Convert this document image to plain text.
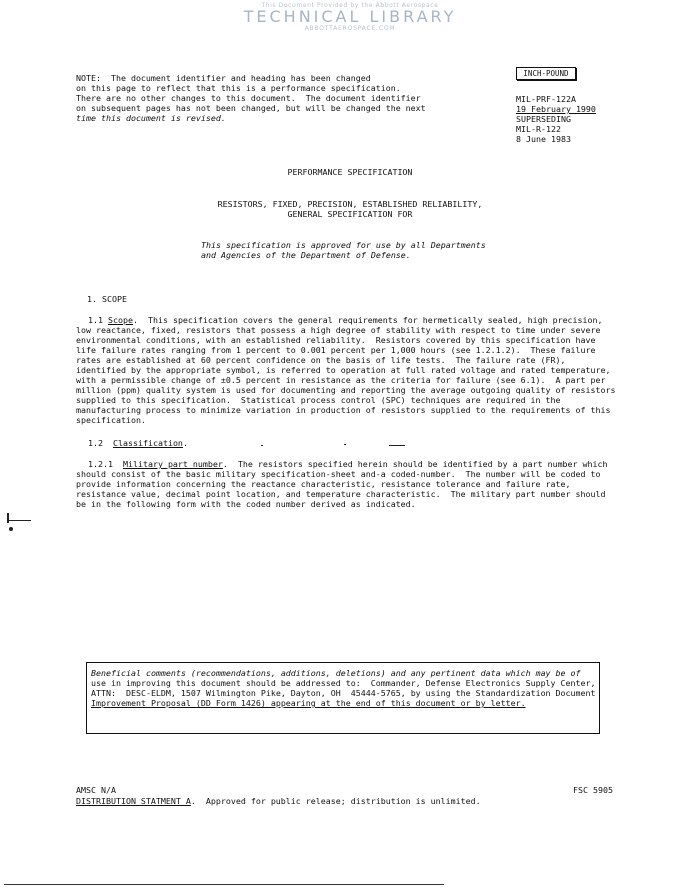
This Document Provided by the Abbott Aerospace
TECHNICAL LIBRARY
ABBOTTAEROSPACE.COM
NOTE:  The document identifier and heading has been changed
on this page to reflect that this is a performance specification.
There are no other changes to this document.  The document identifier
on subsequent pages has not been changed, but will be changed the next
time this document is revised.
INCH-POUND
MIL-PRF-122A
19 February 1990
SUPERSEDING
MIL-R-122
8 June 1983
PERFORMANCE SPECIFICATION
RESISTORS, FIXED, PRECISION, ESTABLISHED RELIABILITY,
GENERAL SPECIFICATION FOR
This specification is approved for use by all Departments
and Agencies of the Department of Defense.
1. SCOPE
1.1 Scope.  This specification covers the general requirements for hermetically sealed, high precision,
low reactance, fixed, resistors that possess a high degree of stability with respect to time under severe
environmental conditions, with an established reliability.  Resistors covered by this specification have
life failure rates ranging from 1 percent to 0.001 percent per 1,000 hours (see 1.2.1.2).  These failure
rates are established at 60 percent confidence on the basis of life tests.  The failure rate (FR),
identified by the appropriate symbol, is referred to operation at full rated voltage and rated temperature,
with a permissible change of ±0.5 percent in resistance as the criteria for failure (see 6.1).  A part per
million (ppm) quality system is used for documenting and reporting the average outgoing quality of resistors
supplied to this specification.  Statistical process control (SPC) techniques are required in the
manufacturing process to minimize variation in production of resistors supplied to the requirements of this
specification.
1.2 Classification.
1.2.1 Military part number.  The resistors specified herein should be identified by a part number which
should consist of the basic military specification-sheet and-a coded-number.  The number will be coded to
provide information concerning the reactance characteristic, resistance tolerance and failure rate,
resistance value, decimal point location, and temperature characteristic.  The military part number should
be in the following form with the coded number derived as indicated.
Beneficial comments (recommendations, additions, deletions) and any pertinent data which may be of
use in improving this document should be addressed to:  Commander, Defense Electronics Supply Center,
ATTN:  DESC-ELDM, 1507 Wilmington Pike, Dayton, OH  45444-5765, by using the Standardization Document
Improvement Proposal (DD Form 1426) appearing at the end of this document or by letter.
AMSC N/A	FSC 5905
DISTRIBUTION STATMENT A.  Approved for public release; distribution is unlimited.
